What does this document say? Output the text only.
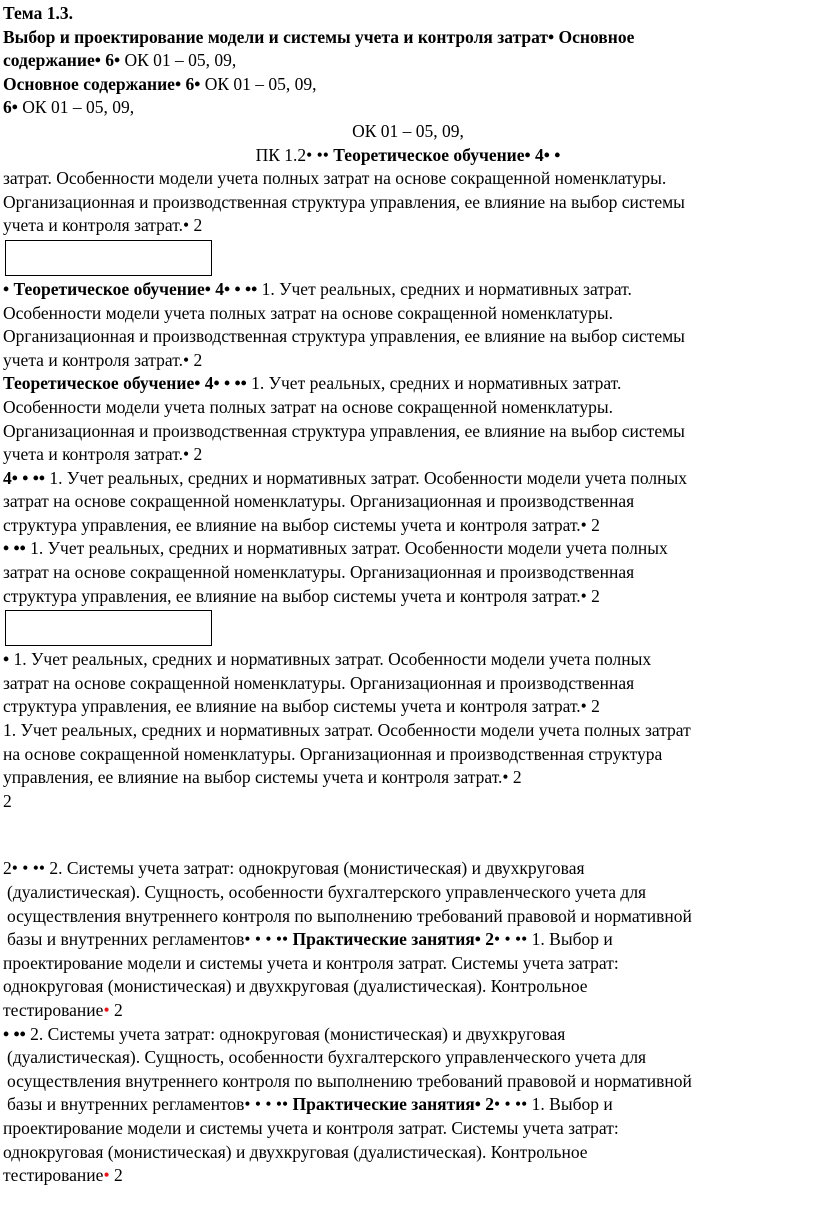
Тема 1.3.
Выбор и проектирование модели и системы учета и контроля затрат• Основное
содержание• 6• ОК 01 – 05, 09,
Основное содержание• 6• ОК 01 – 05, 09,
6• ОК 01 – 05, 09,
ОК 01 – 05, 09,
ПК 1.2• •• Теоретическое обучение• 4• •
затрат. Особенности модели учета полных затрат на основе сокращенной номенклатуры.
Организационная и производственная структура управления, ее влияние на выбор системы
учета и контроля затрат.• 2
• Теоретическое обучение• 4• • •• 1. Учет реальных, средних и нормативных затрат.
Особенности модели учета полных затрат на основе сокращенной номенклатуры.
Организационная и производственная структура управления, ее влияние на выбор системы
учета и контроля затрат.• 2
Теоретическое обучение• 4• • •• 1. Учет реальных, средних и нормативных затрат.
Особенности модели учета полных затрат на основе сокращенной номенклатуры.
Организационная и производственная структура управления, ее влияние на выбор системы
учета и контроля затрат.• 2
4• • •• 1. Учет реальных, средних и нормативных затрат. Особенности модели учета полных
затрат на основе сокращенной номенклатуры. Организационная и производственная
структура управления, ее влияние на выбор системы учета и контроля затрат.• 2
• •• 1. Учет реальных, средних и нормативных затрат. Особенности модели учета полных
затрат на основе сокращенной номенклатуры. Организационная и производственная
структура управления, ее влияние на выбор системы учета и контроля затрат.• 2
• 1. Учет реальных, средних и нормативных затрат. Особенности модели учета полных
затрат на основе сокращенной номенклатуры. Организационная и производственная
структура управления, ее влияние на выбор системы учета и контроля затрат.• 2
1. Учет реальных, средних и нормативных затрат. Особенности модели учета полных затрат
на основе сокращенной номенклатуры. Организационная и производственная структура
управления, ее влияние на выбор системы учета и контроля затрат.• 2
2
2• • •• 2. Системы учета затрат: однокруговая (монистическая) и двухкруговая
(дуалистическая). Сущность, особенности бухгалтерского управленческого учета для
осуществления внутреннего контроля по выполнению требований правовой и нормативной
базы и внутренних регламентов• • • •• Практические занятия• 2• • •• 1. Выбор и
проектирование модели и системы учета и контроля затрат. Системы учета затрат:
однокруговая (монистическая) и двухкруговая (дуалистическая). Контрольное
тестирование• 2
• •• 2. Системы учета затрат: однокруговая (монистическая) и двухкруговая
(дуалистическая). Сущность, особенности бухгалтерского управленческого учета для
осуществления внутреннего контроля по выполнению требований правовой и нормативной
базы и внутренних регламентов• • • •• Практические занятия• 2• • •• 1. Выбор и
проектирование модели и системы учета и контроля затрат. Системы учета затрат:
однокруговая (монистическая) и двухкруговая (дуалистическая). Контрольное
тестирование• 2
